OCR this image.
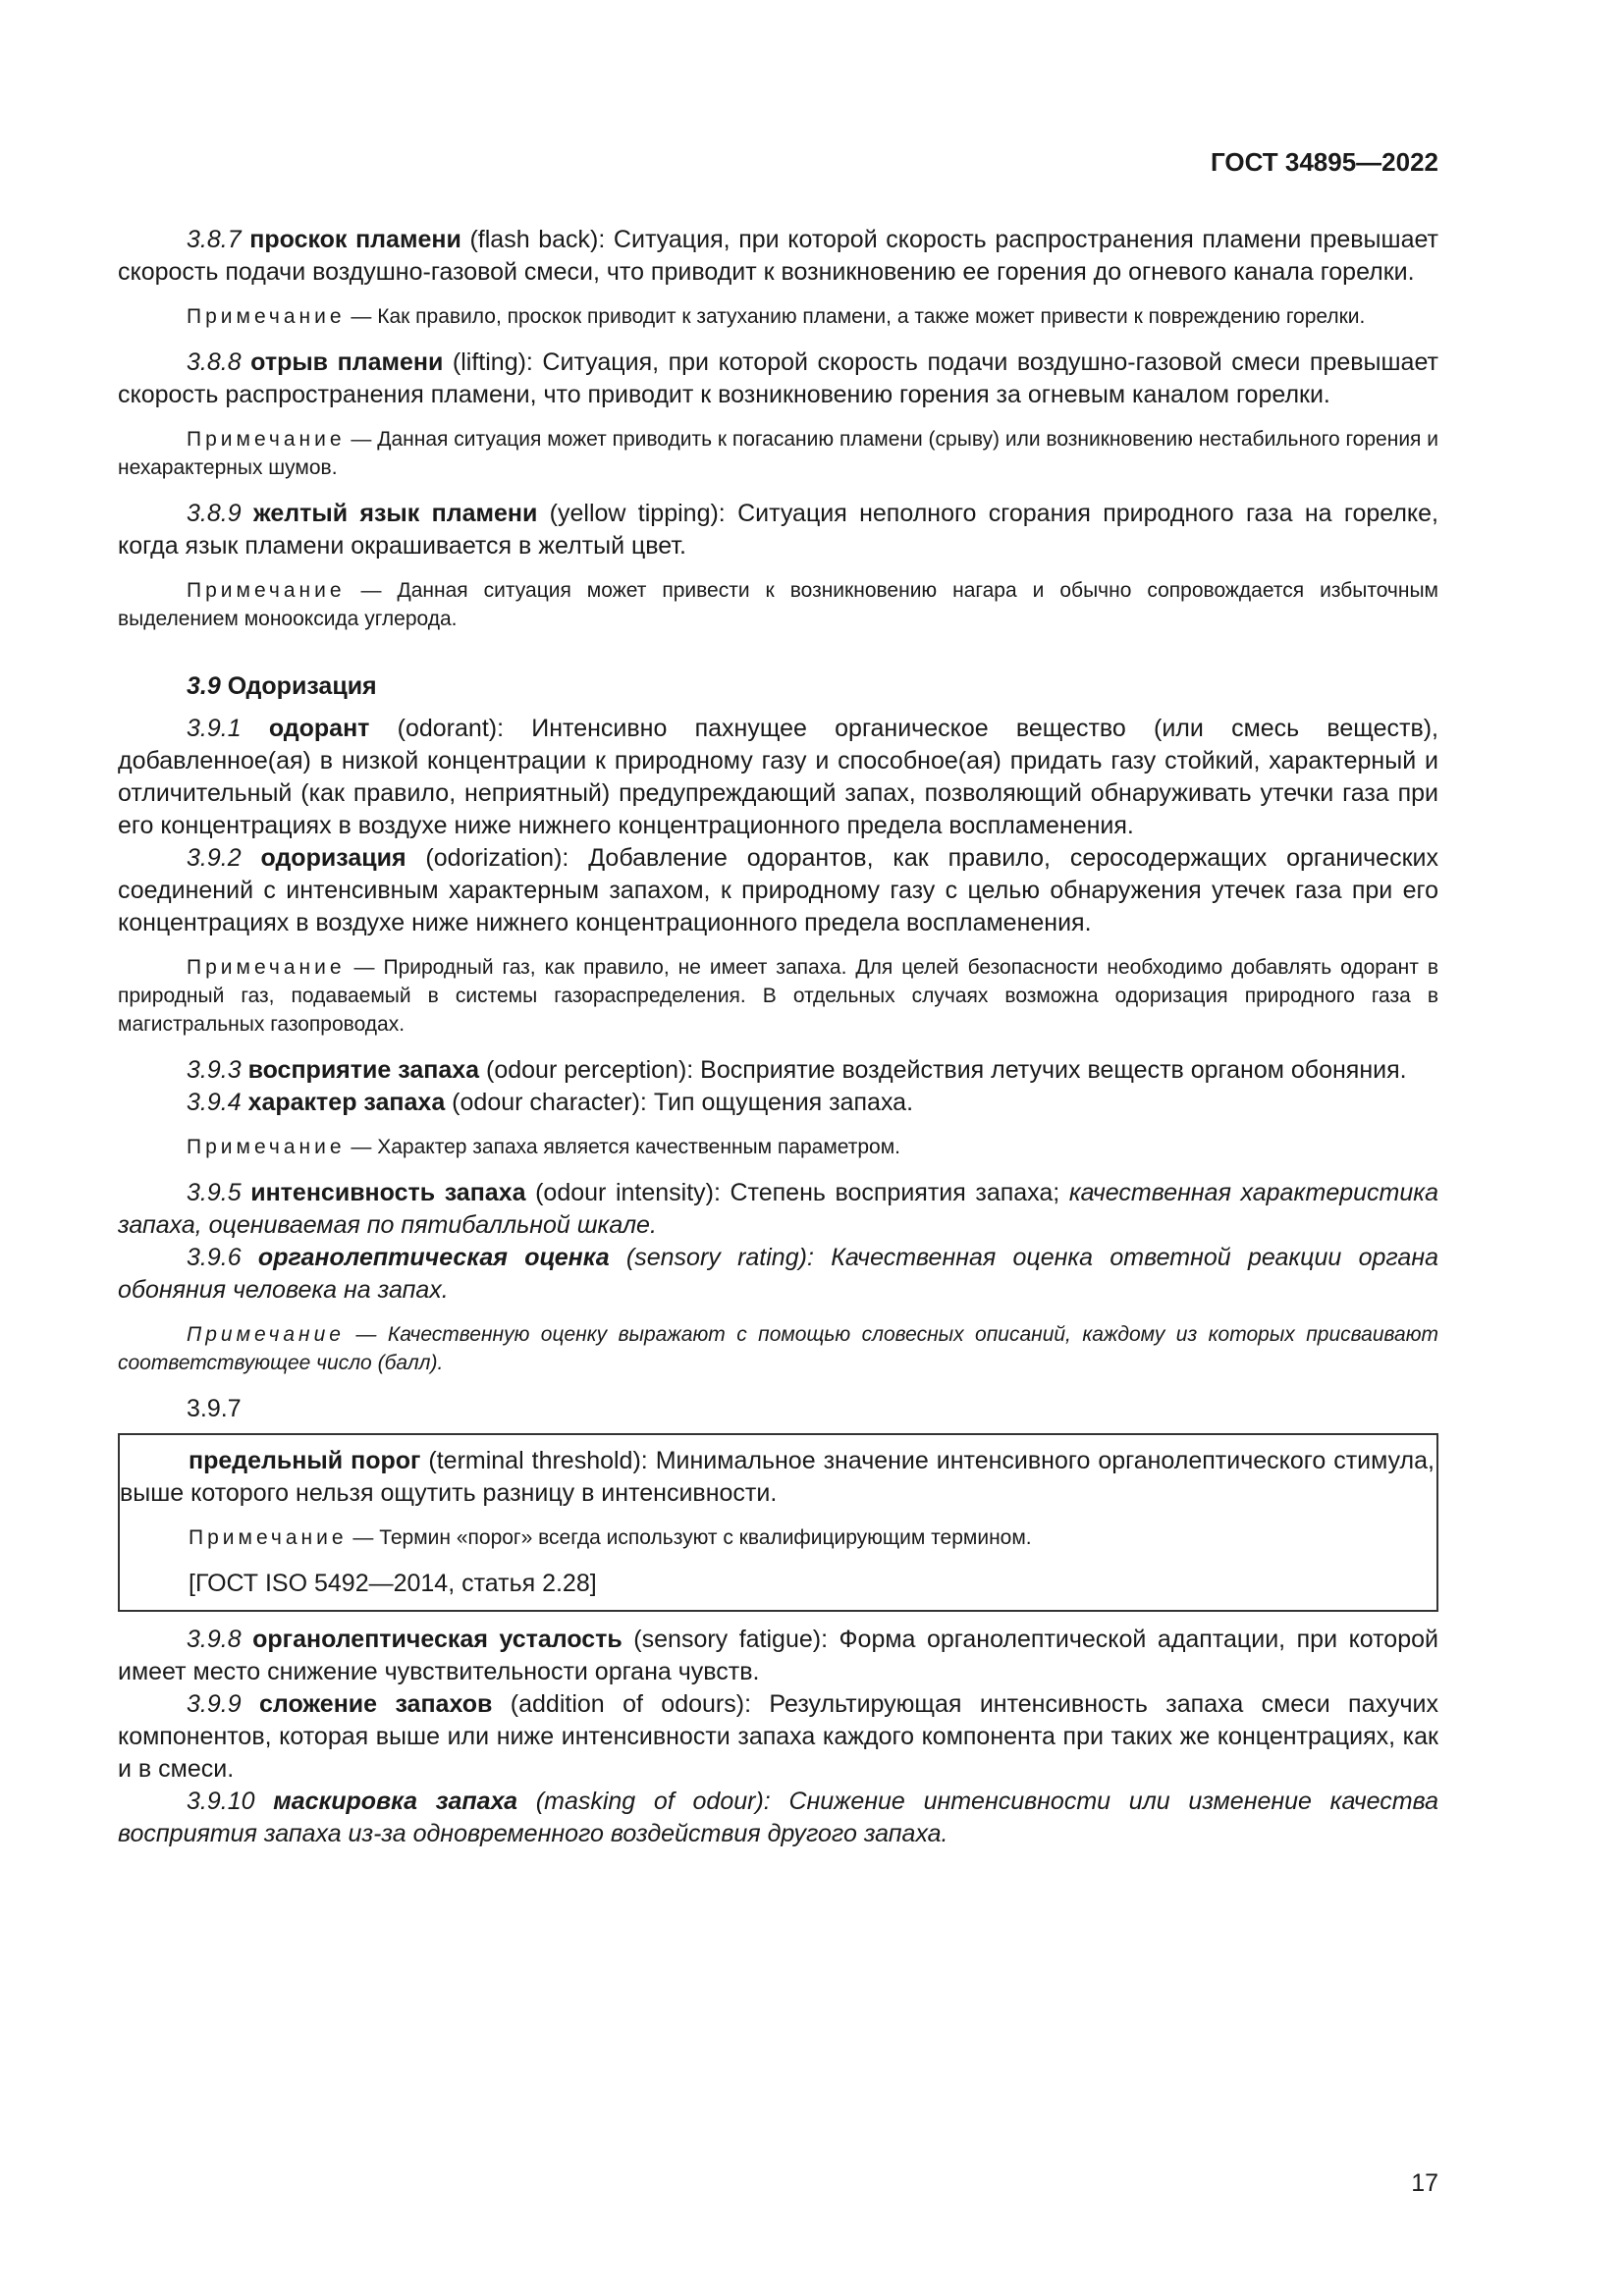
ГОСТ 34895—2022

3.8.7 проскок пламени (flash back): Ситуация, при которой скорость распространения пламени превышает скорость подачи воздушно-газовой смеси, что приводит к возникновению ее горения до огневого канала горелки.

Примечание — Как правило, проскок приводит к затуханию пламени, а также может привести к повреждению горелки.

3.8.8 отрыв пламени (lifting): Ситуация, при которой скорость подачи воздушно-газовой смеси превышает скорость распространения пламени, что приводит к возникновению горения за огневым каналом горелки.

Примечание — Данная ситуация может приводить к погасанию пламени (срыву) или возникновению нестабильного горения и нехарактерных шумов.

3.8.9 желтый язык пламени (yellow tipping): Ситуация неполного сгорания природного газа на горелке, когда язык пламени окрашивается в желтый цвет.

Примечание — Данная ситуация может привести к возникновению нагара и обычно сопровождается избыточным выделением монооксида углерода.

3.9 Одоризация

3.9.1 одорант (odorant): Интенсивно пахнущее органическое вещество (или смесь веществ), добавленное(ая) в низкой концентрации к природному газу и способное(ая) придать газу стойкий, характерный и отличительный (как правило, неприятный) предупреждающий запах, позволяющий обнаруживать утечки газа при его концентрациях в воздухе ниже нижнего концентрационного предела воспламенения.

3.9.2 одоризация (odorization): Добавление одорантов, как правило, серосодержащих органических соединений с интенсивным характерным запахом, к природному газу с целью обнаружения утечек газа при его концентрациях в воздухе ниже нижнего концентрационного предела воспламенения.

Примечание — Природный газ, как правило, не имеет запаха. Для целей безопасности необходимо добавлять одорант в природный газ, подаваемый в системы газораспределения. В отдельных случаях возможна одоризация природного газа в магистральных газопроводах.

3.9.3 восприятие запаха (odour perception): Восприятие воздействия летучих веществ органом обоняния.

3.9.4 характер запаха (odour character): Тип ощущения запаха.

Примечание — Характер запаха является качественным параметром.

3.9.5 интенсивность запаха (odour intensity): Степень восприятия запаха; качественная характеристика запаха, оцениваемая по пятибалльной шкале.

3.9.6 органолептическая оценка (sensory rating): Качественная оценка ответной реакции органа обоняния человека на запах.

Примечание — Качественную оценку выражают с помощью словесных описаний, каждому из которых присваивают соответствующее число (балл).

3.9.7

предельный порог (terminal threshold): Минимальное значение интенсивного органолептического стимула, выше которого нельзя ощутить разницу в интенсивности.

Примечание — Термин «порог» всегда используют с квалифицирующим термином.

[ГОСТ ISO 5492—2014, статья 2.28]

3.9.8 органолептическая усталость (sensory fatigue): Форма органолептической адаптации, при которой имеет место снижение чувствительности органа чувств.

3.9.9 сложение запахов (addition of odours): Результирующая интенсивность запаха смеси пахучих компонентов, которая выше или ниже интенсивности запаха каждого компонента при таких же концентрациях, как и в смеси.

3.9.10 маскировка запаха (masking of odour): Снижение интенсивности или изменение качества восприятия запаха из-за одновременного воздействия другого запаха.

17
